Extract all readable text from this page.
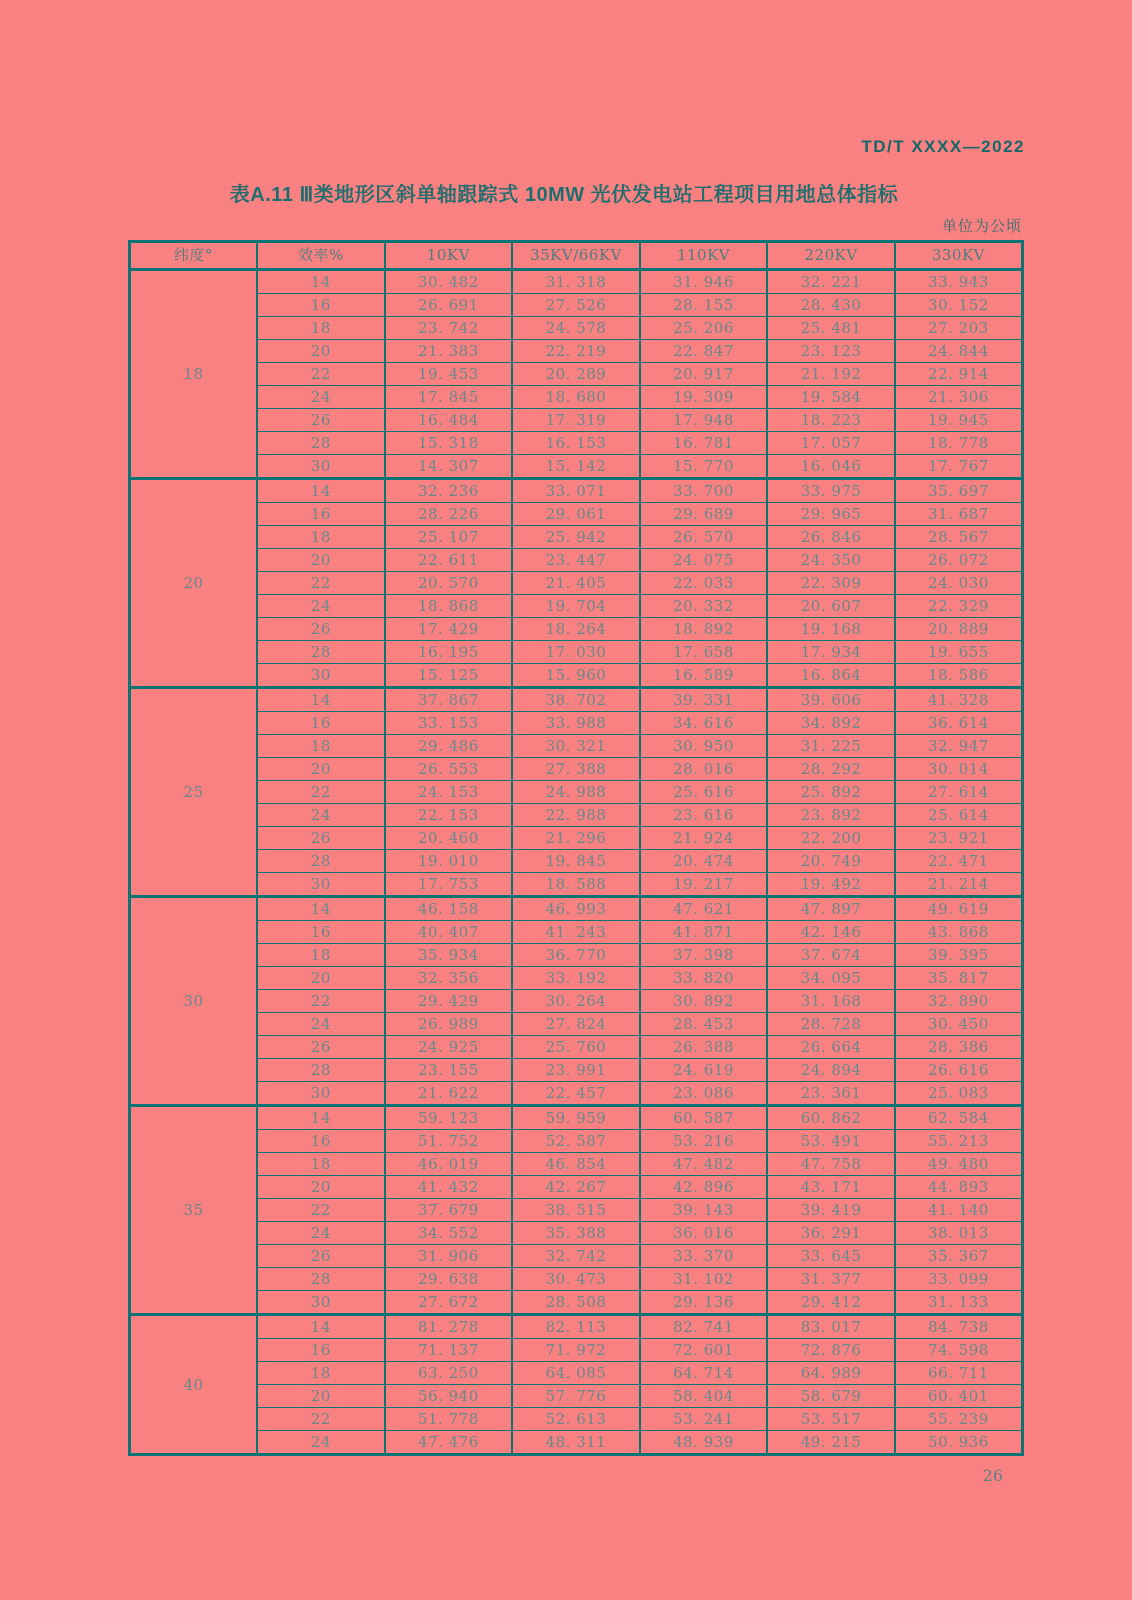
TD/T XXXX—2022
表A.11 Ⅲ类地形区斜单轴跟踪式 10MW 光伏发电站工程项目用地总体指标
单位为公顷
纬度°	效率%	10KV	35KV/66KV	110KV	220KV	330KV
18	14	30. 482	31. 318	31. 946	32. 221	33. 943
	16	26. 691	27. 526	28. 155	28. 430	30. 152
	18	23. 742	24. 578	25. 206	25. 481	27. 203
	20	21. 383	22. 219	22. 847	23. 123	24. 844
	22	19. 453	20. 289	20. 917	21. 192	22. 914
	24	17. 845	18. 680	19. 309	19. 584	21. 306
	26	16. 484	17. 319	17. 948	18. 223	19. 945
	28	15. 318	16. 153	16. 781	17. 057	18. 778
	30	14. 307	15. 142	15. 770	16. 046	17. 767
20	14	32. 236	33. 071	33. 700	33. 975	35. 697
	16	28. 226	29. 061	29. 689	29. 965	31. 687
	18	25. 107	25. 942	26. 570	26. 846	28. 567
	20	22. 611	23. 447	24. 075	24. 350	26. 072
	22	20. 570	21. 405	22. 033	22. 309	24. 030
	24	18. 868	19. 704	20. 332	20. 607	22. 329
	26	17. 429	18. 264	18. 892	19. 168	20. 889
	28	16. 195	17. 030	17. 658	17. 934	19. 655
	30	15. 125	15. 960	16. 589	16. 864	18. 586
25	14	37. 867	38. 702	39. 331	39. 606	41. 328
	16	33. 153	33. 988	34. 616	34. 892	36. 614
	18	29. 486	30. 321	30. 950	31. 225	32. 947
	20	26. 553	27. 388	28. 016	28. 292	30. 014
	22	24. 153	24. 988	25. 616	25. 892	27. 614
	24	22. 153	22. 988	23. 616	23. 892	25. 614
	26	20. 460	21. 296	21. 924	22. 200	23. 921
	28	19. 010	19. 845	20. 474	20. 749	22. 471
	30	17. 753	18. 588	19. 217	19. 492	21. 214
30	14	46. 158	46. 993	47. 621	47. 897	49. 619
	16	40. 407	41. 243	41. 871	42. 146	43. 868
	18	35. 934	36. 770	37. 398	37. 674	39. 395
	20	32. 356	33. 192	33. 820	34. 095	35. 817
	22	29. 429	30. 264	30. 892	31. 168	32. 890
	24	26. 989	27. 824	28. 453	28. 728	30. 450
	26	24. 925	25. 760	26. 388	26. 664	28. 386
	28	23. 155	23. 991	24. 619	24. 894	26. 616
	30	21. 622	22. 457	23. 086	23. 361	25. 083
35	14	59. 123	59. 959	60. 587	60. 862	62. 584
	16	51. 752	52. 587	53. 216	53. 491	55. 213
	18	46. 019	46. 854	47. 482	47. 758	49. 480
	20	41. 432	42. 267	42. 896	43. 171	44. 893
	22	37. 679	38. 515	39. 143	39. 419	41. 140
	24	34. 552	35. 388	36. 016	36. 291	38. 013
	26	31. 906	32. 742	33. 370	33. 645	35. 367
	28	29. 638	30. 473	31. 102	31. 377	33. 099
	30	27. 672	28. 508	29. 136	29. 412	31. 133
40	14	81. 278	82. 113	82. 741	83. 017	84. 738
	16	71. 137	71. 972	72. 601	72. 876	74. 598
	18	63. 250	64. 085	64. 714	64. 989	66. 711
	20	56. 940	57. 776	58. 404	58. 679	60. 401
	22	51. 778	52. 613	53. 241	53. 517	55. 239
	24	47. 476	48. 311	48. 939	49. 215	50. 936
26
